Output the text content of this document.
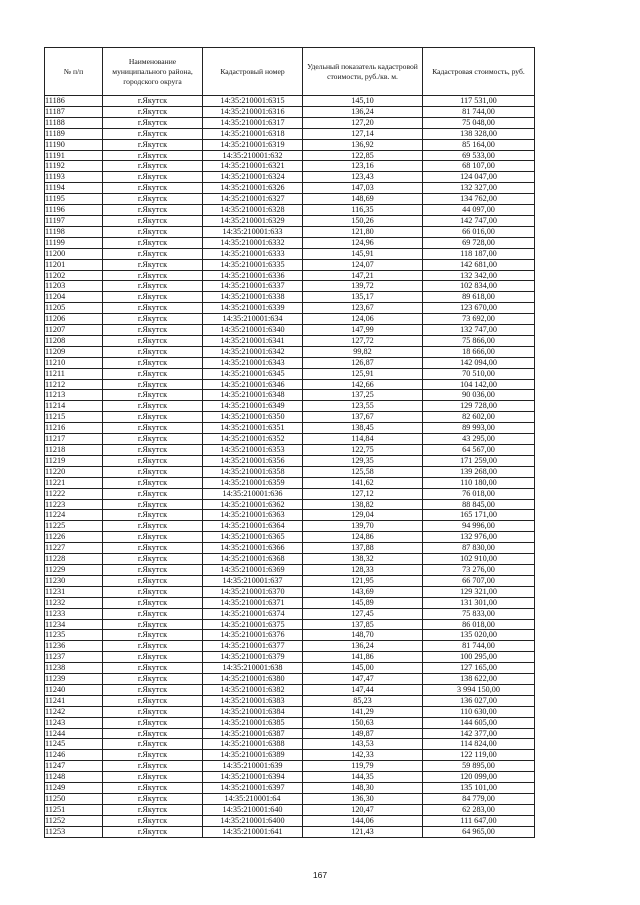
№ п/п	Наименование муниципального района, городского округа	Кадастровый номер	Удельный показатель кадастровой стоимости, руб./кв. м.	Кадастровая стоимость, руб.
11186	г.Якутск	14:35:210001:6315	145,10	117 531,00
11187	г.Якутск	14:35:210001:6316	136,24	81 744,00
11188	г.Якутск	14:35:210001:6317	127,20	75 048,00
11189	г.Якутск	14:35:210001:6318	127,14	138 328,00
11190	г.Якутск	14:35:210001:6319	136,92	85 164,00
11191	г.Якутск	14:35:210001:632	122,85	69 533,00
11192	г.Якутск	14:35:210001:6321	123,16	68 107,00
11193	г.Якутск	14:35:210001:6324	123,43	124 047,00
11194	г.Якутск	14:35:210001:6326	147,03	132 327,00
11195	г.Якутск	14:35:210001:6327	148,69	134 762,00
11196	г.Якутск	14:35:210001:6328	116,35	44 097,00
11197	г.Якутск	14:35:210001:6329	150,26	142 747,00
11198	г.Якутск	14:35:210001:633	121,80	66 016,00
11199	г.Якутск	14:35:210001:6332	124,96	69 728,00
11200	г.Якутск	14:35:210001:6333	145,91	118 187,00
11201	г.Якутск	14:35:210001:6335	124,07	142 681,00
11202	г.Якутск	14:35:210001:6336	147,21	132 342,00
11203	г.Якутск	14:35:210001:6337	139,72	102 834,00
11204	г.Якутск	14:35:210001:6338	135,17	89 618,00
11205	г.Якутск	14:35:210001:6339	123,67	123 670,00
11206	г.Якутск	14:35:210001:634	124,06	73 692,00
11207	г.Якутск	14:35:210001:6340	147,99	132 747,00
11208	г.Якутск	14:35:210001:6341	127,72	75 866,00
11209	г.Якутск	14:35:210001:6342	99,82	18 666,00
11210	г.Якутск	14:35:210001:6343	126,87	142 094,00
11211	г.Якутск	14:35:210001:6345	125,91	70 510,00
11212	г.Якутск	14:35:210001:6346	142,66	104 142,00
11213	г.Якутск	14:35:210001:6348	137,25	90 036,00
11214	г.Якутск	14:35:210001:6349	123,55	129 728,00
11215	г.Якутск	14:35:210001:6350	137,67	82 602,00
11216	г.Якутск	14:35:210001:6351	138,45	89 993,00
11217	г.Якутск	14:35:210001:6352	114,84	43 295,00
11218	г.Якутск	14:35:210001:6353	122,75	64 567,00
11219	г.Якутск	14:35:210001:6356	129,35	171 259,00
11220	г.Якутск	14:35:210001:6358	125,58	139 268,00
11221	г.Якутск	14:35:210001:6359	141,62	110 180,00
11222	г.Якутск	14:35:210001:636	127,12	76 018,00
11223	г.Якутск	14:35:210001:6362	138,82	88 845,00
11224	г.Якутск	14:35:210001:6363	129,04	165 171,00
11225	г.Якутск	14:35:210001:6364	139,70	94 996,00
11226	г.Якутск	14:35:210001:6365	124,86	132 976,00
11227	г.Якутск	14:35:210001:6366	137,88	87 830,00
11228	г.Якутск	14:35:210001:6368	138,32	102 910,00
11229	г.Якутск	14:35:210001:6369	128,33	73 276,00
11230	г.Якутск	14:35:210001:637	121,95	66 707,00
11231	г.Якутск	14:35:210001:6370	143,69	129 321,00
11232	г.Якутск	14:35:210001:6371	145,89	131 301,00
11233	г.Якутск	14:35:210001:6374	127,45	75 833,00
11234	г.Якутск	14:35:210001:6375	137,85	86 018,00
11235	г.Якутск	14:35:210001:6376	148,70	135 020,00
11236	г.Якутск	14:35:210001:6377	136,24	81 744,00
11237	г.Якутск	14:35:210001:6379	141,86	100 295,00
11238	г.Якутск	14:35:210001:638	145,00	127 165,00
11239	г.Якутск	14:35:210001:6380	147,47	138 622,00
11240	г.Якутск	14:35:210001:6382	147,44	3 994 150,00
11241	г.Якутск	14:35:210001:6383	85,23	136 027,00
11242	г.Якутск	14:35:210001:6384	141,29	110 630,00
11243	г.Якутск	14:35:210001:6385	150,63	144 605,00
11244	г.Якутск	14:35:210001:6387	149,87	142 377,00
11245	г.Якутск	14:35:210001:6388	143,53	114 824,00
11246	г.Якутск	14:35:210001:6389	142,33	122 119,00
11247	г.Якутск	14:35:210001:639	119,79	59 895,00
11248	г.Якутск	14:35:210001:6394	144,35	120 099,00
11249	г.Якутск	14:35:210001:6397	148,30	135 101,00
11250	г.Якутск	14:35:210001:64	136,30	84 779,00
11251	г.Якутск	14:35:210001:640	120,47	62 283,00
11252	г.Якутск	14:35:210001:6400	144,06	111 647,00
11253	г.Якутск	14:35:210001:641	121,43	64 965,00
167
